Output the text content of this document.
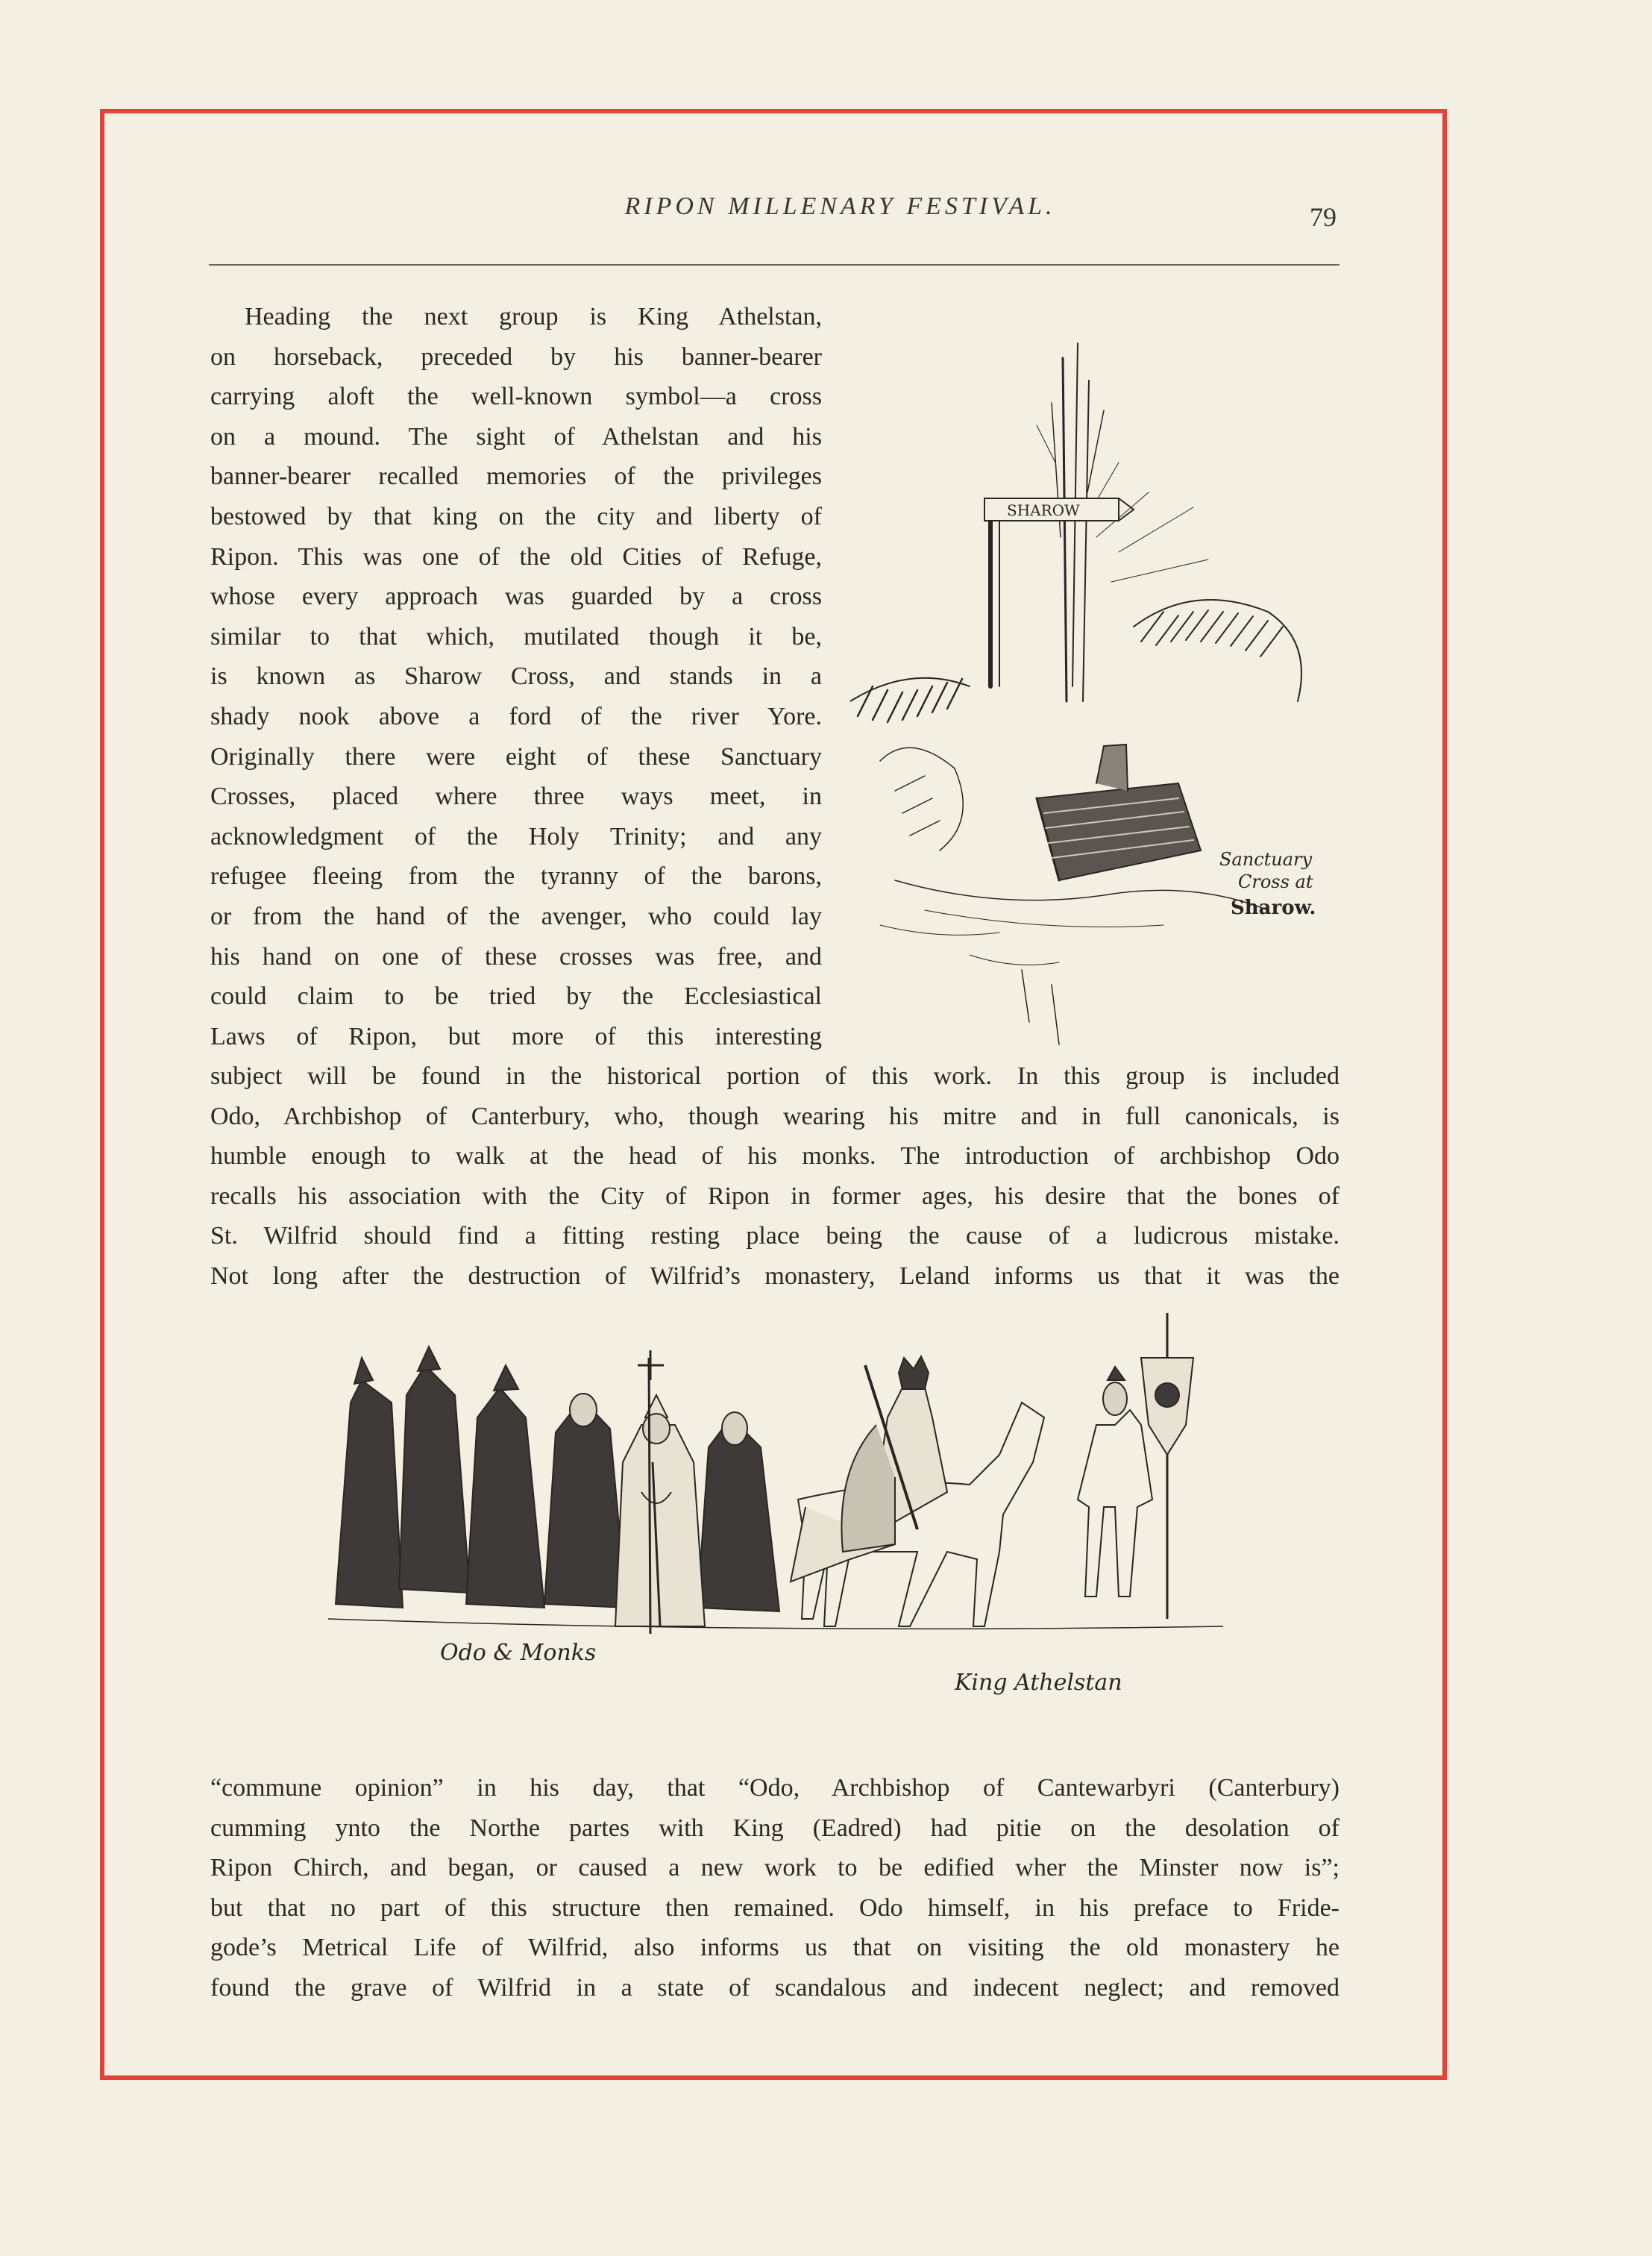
RIPON MILLENARY FESTIVAL.	79
Heading the next group is King Athelstan,
on horseback, preceded by his banner-bearer
carrying aloft the well-known symbol—a cross
on a mound. The sight of Athelstan and his
banner-bearer recalled memories of the privileges
bestowed by that king on the city and liberty of
Ripon. This was one of the old Cities of Refuge,
whose every approach was guarded by a cross
similar to that which, mutilated though it be,
is known as Sharow Cross, and stands in a
shady nook above a ford of the river Yore.
Originally there were eight of these Sanctuary
Crosses, placed where three ways meet, in
acknowledgment of the Holy Trinity; and any
refugee fleeing from the tyranny of the barons,
or from the hand of the avenger, who could lay
his hand on one of these crosses was free, and
could claim to be tried by the Ecclesiastical
Laws of Ripon, but more of this interesting
SHAROW
Sanctuary
Cross at
Sharow.
subject will be found in the historical portion of this work. In this group is included
Odo, Archbishop of Canterbury, who, though wearing his mitre and in full canonicals, is
humble enough to walk at the head of his monks. The introduction of archbishop Odo
recalls his association with the City of Ripon in former ages, his desire that the bones of
St. Wilfrid should find a fitting resting place being the cause of a ludicrous mistake.
Not long after the destruction of Wilfrid’s monastery, Leland informs us that it was the
Odo & Monks
King Athelstan
“commune opinion” in his day, that “Odo, Archbishop of Cantewarbyri (Canterbury)
cumming ynto the Northe partes with King (Eadred) had pitie on the desolation of
Ripon Chirch, and began, or caused a new work to be edified wher the Minster now is”;
but that no part of this structure then remained. Odo himself, in his preface to Fride-
gode’s Metrical Life of Wilfrid, also informs us that on visiting the old monastery he
found the grave of Wilfrid in a state of scandalous and indecent neglect; and removed
